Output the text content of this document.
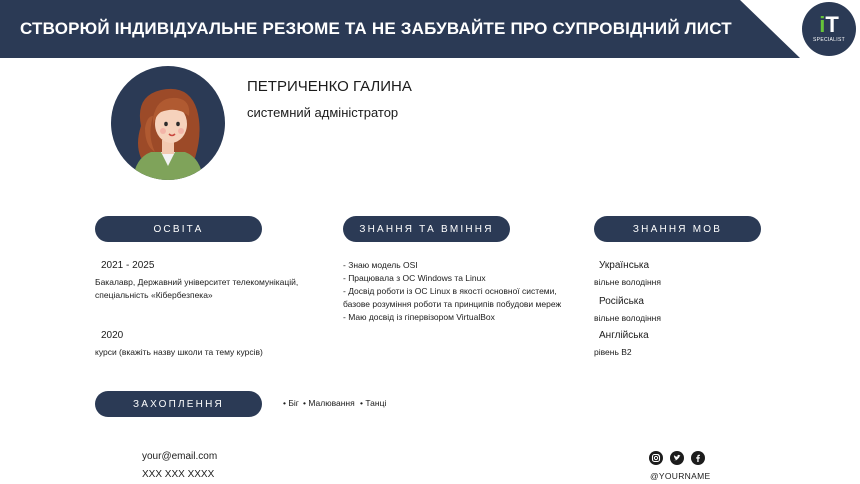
СТВОРЮЙ ІНДИВІДУАЛЬНЕ РЕЗЮМЕ ТА НЕ ЗАБУВАЙТЕ ПРО СУПРОВІДНИЙ ЛИСТ	iT
SPECIALIST
ПЕТРИЧЕНКО ГАЛИНА
системний адміністратор
ОСВІТА
2021 - 2025
Бакалавр, Державний університет телекомунікацій,
спеціальність «Кібербезпека»
2020
курси (вкажіть назву школи та тему курсів)
ЗНАННЯ ТА ВМІННЯ
- Знаю модель OSI
- Працювала з ОС Windows та Linux
- Досвід роботи із ОС Linux в якості основної системи,
базове розуміння роботи та принципів побудови мереж
- Маю досвід із гіпервізором VirtualBox
ЗНАННЯ МОВ
Українська
вільне володіння
Російська
вільне володіння
Англійська
рівень B2
ЗАХОПЛЕННЯ	• Біг • Малювання • Танці
your@email.com
XXX XXX XXXX	@YOURNAME
